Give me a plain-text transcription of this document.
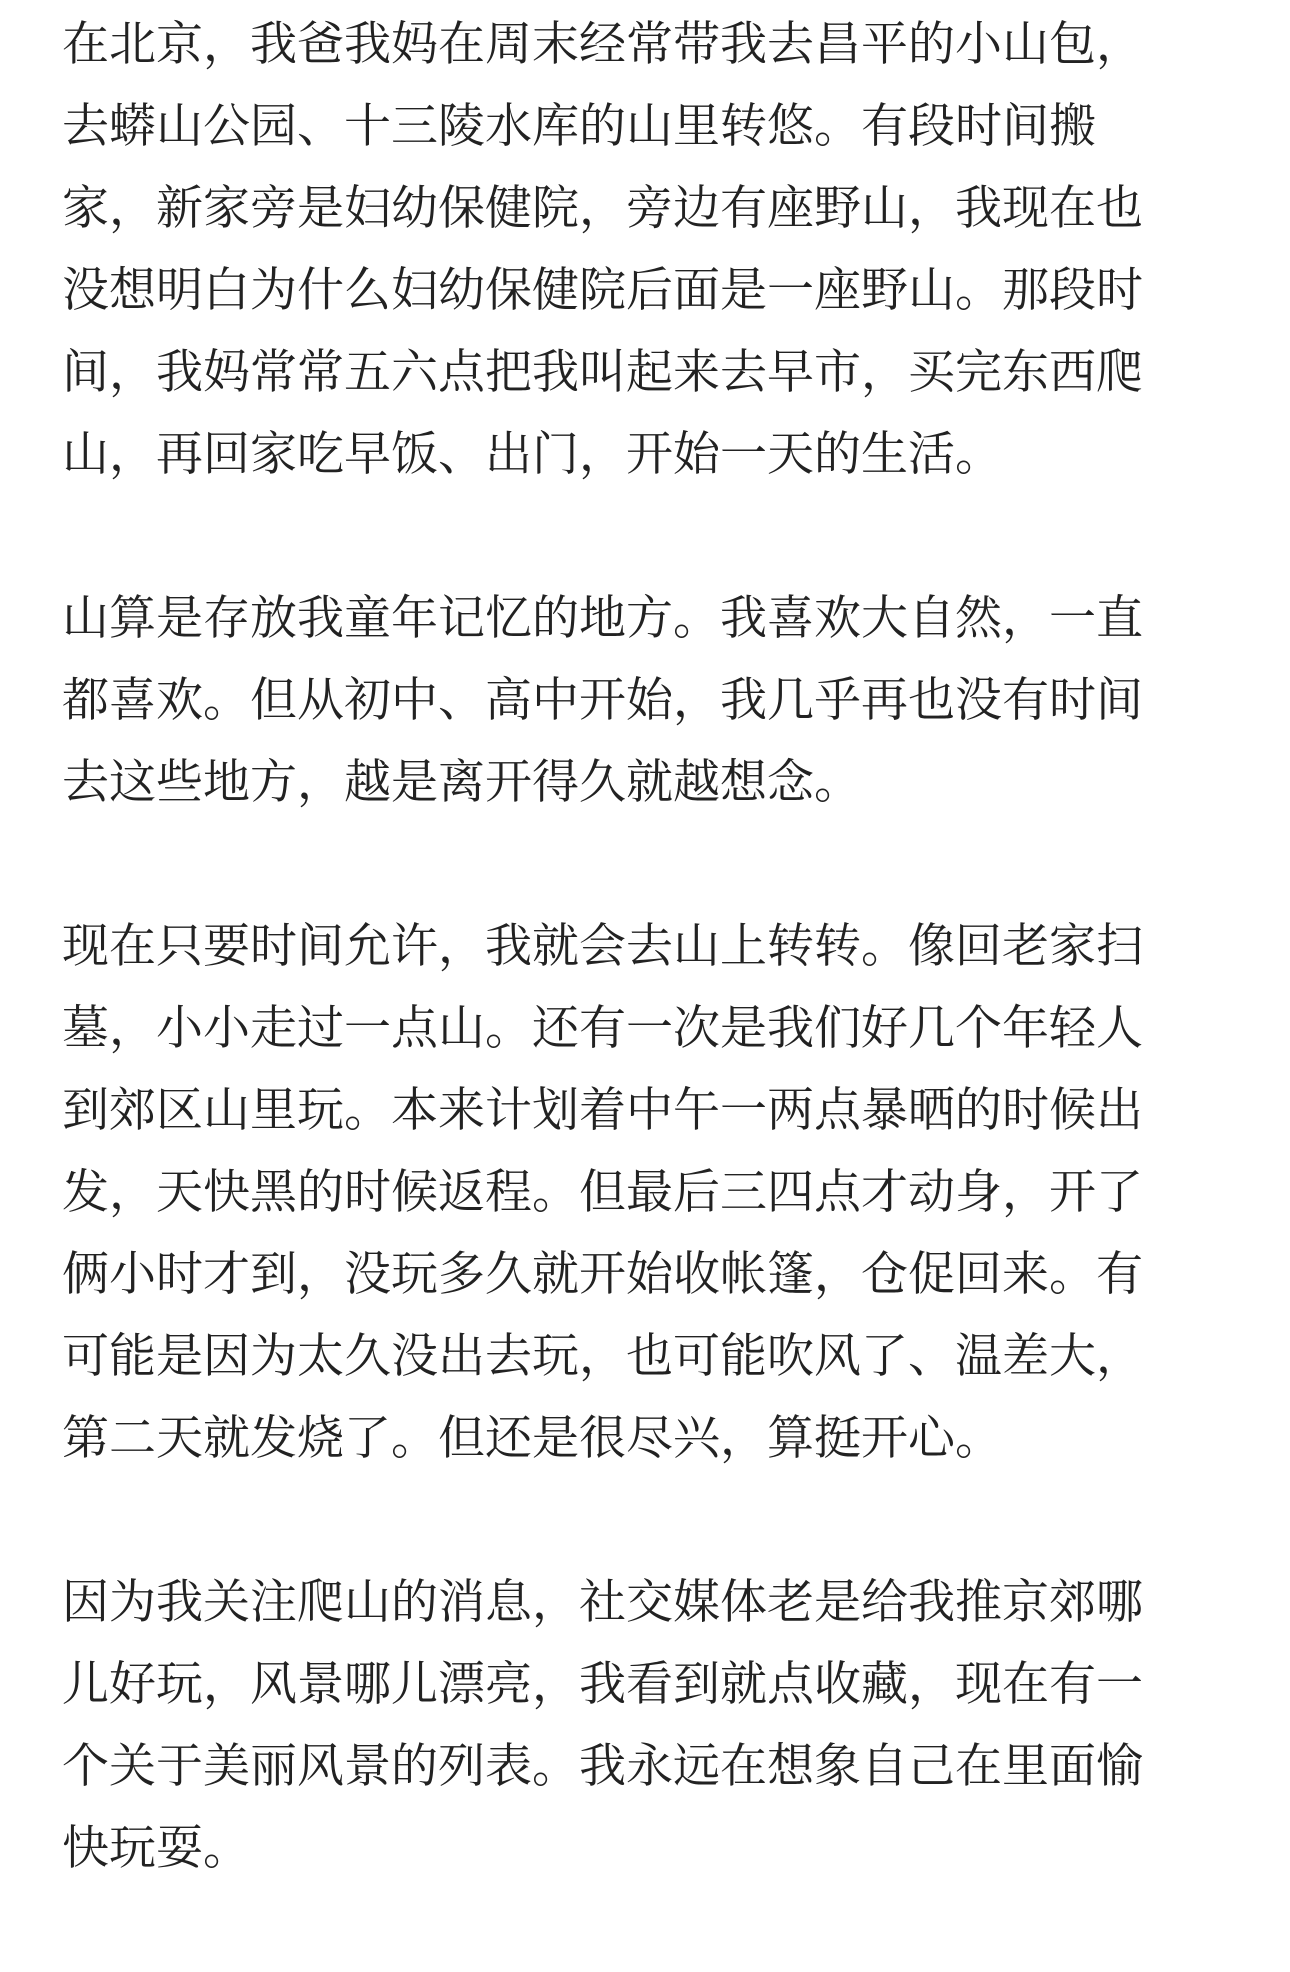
在北京，我爸我妈在周末经常带我去昌平的小山包，
去蟒山公园、十三陵水库的山里转悠。有段时间搬
家，新家旁是妇幼保健院，旁边有座野山，我现在也
没想明白为什么妇幼保健院后面是一座野山。那段时
间，我妈常常五六点把我叫起来去早市，买完东西爬
山，再回家吃早饭、出门，开始一天的生活。
山算是存放我童年记忆的地方。我喜欢大自然，一直
都喜欢。但从初中、高中开始，我几乎再也没有时间
去这些地方，越是离开得久就越想念。
现在只要时间允许，我就会去山上转转。像回老家扫
墓，小小走过一点山。还有一次是我们好几个年轻人
到郊区山里玩。本来计划着中午一两点暴晒的时候出
发，天快黑的时候返程。但最后三四点才动身，开了
俩小时才到，没玩多久就开始收帐篷，仓促回来。有
可能是因为太久没出去玩，也可能吹风了、温差大，
第二天就发烧了。但还是很尽兴，算挺开心。
因为我关注爬山的消息，社交媒体老是给我推京郊哪
儿好玩，风景哪儿漂亮，我看到就点收藏，现在有一
个关于美丽风景的列表。我永远在想象自己在里面愉
快玩耍。
